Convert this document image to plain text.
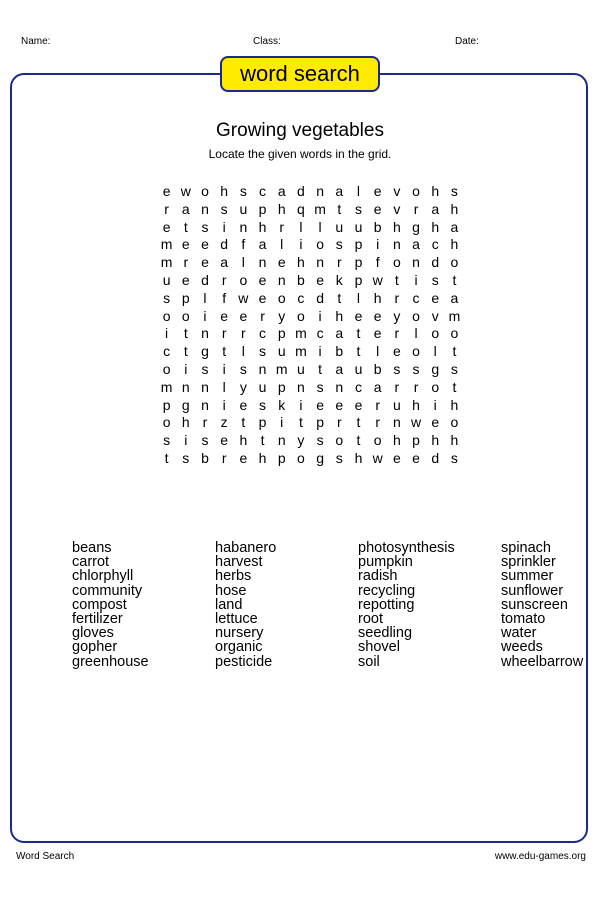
Name:	Class:	Date:
word search
Growing vegetables
Locate the given words in the grid.
e w o h s c a d n a l e v o h s
r a n s u p h q m t s e v r a h
e t s i n h r l l u u b h g h a
m e e d f a l i o s p i n a c h
m r e a l n e h n r p f o n d o
u e d r o e n b e k p w t i s t
s p l f w e o c d t l h r c e a
o o i e e r y o i h e e y o v m
i t n r r c p m c a t e r l o o
c t g t l s u m i b t l e o l t
o i s i s n m u t a u b s s g s
m n n l y u p n s n c a r r o t
p g n i e s k i e e e r u h i h
o h r z t p i t p r t r n w e o
s i s e h t n y s o t o h p h h
t s b r e h p o g s h w e e d s
beans
carrot
chlorphyll
community
compost
fertilizer
gloves
gopher
greenhouse
habanero
harvest
herbs
hose
land
lettuce
nursery
organic
pesticide
photosynthesis
pumpkin
radish
recycling
repotting
root
seedling
shovel
soil
spinach
sprinkler
summer
sunflower
sunscreen
tomato
water
weeds
wheelbarrow
Word Search	www.edu-games.org
